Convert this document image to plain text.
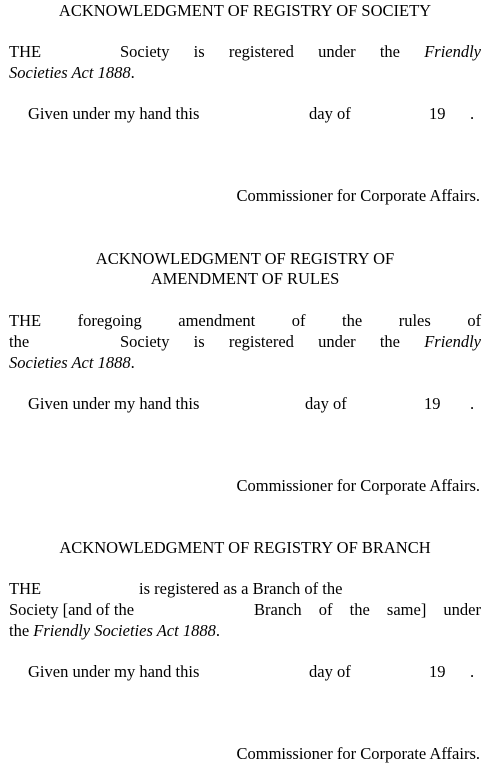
ACKNOWLEDGMENT OF REGISTRY OF SOCIETY
THE	Society is registered under the Friendly
Societies Act 1888.
Given under my hand this	day of	19 .
Commissioner for Corporate Affairs.
ACKNOWLEDGMENT OF REGISTRY OF
AMENDMENT OF RULES
THE foregoing amendment of the rules of
the	Society is registered under the Friendly
Societies Act 1888.
Given under my hand this	day of	19 .
Commissioner for Corporate Affairs.
ACKNOWLEDGMENT OF REGISTRY OF BRANCH
THE	is registered as a Branch of the
Society [and of the	Branch of the same] under
the Friendly Societies Act 1888.
Given under my hand this	day of	19 .
Commissioner for Corporate Affairs.
